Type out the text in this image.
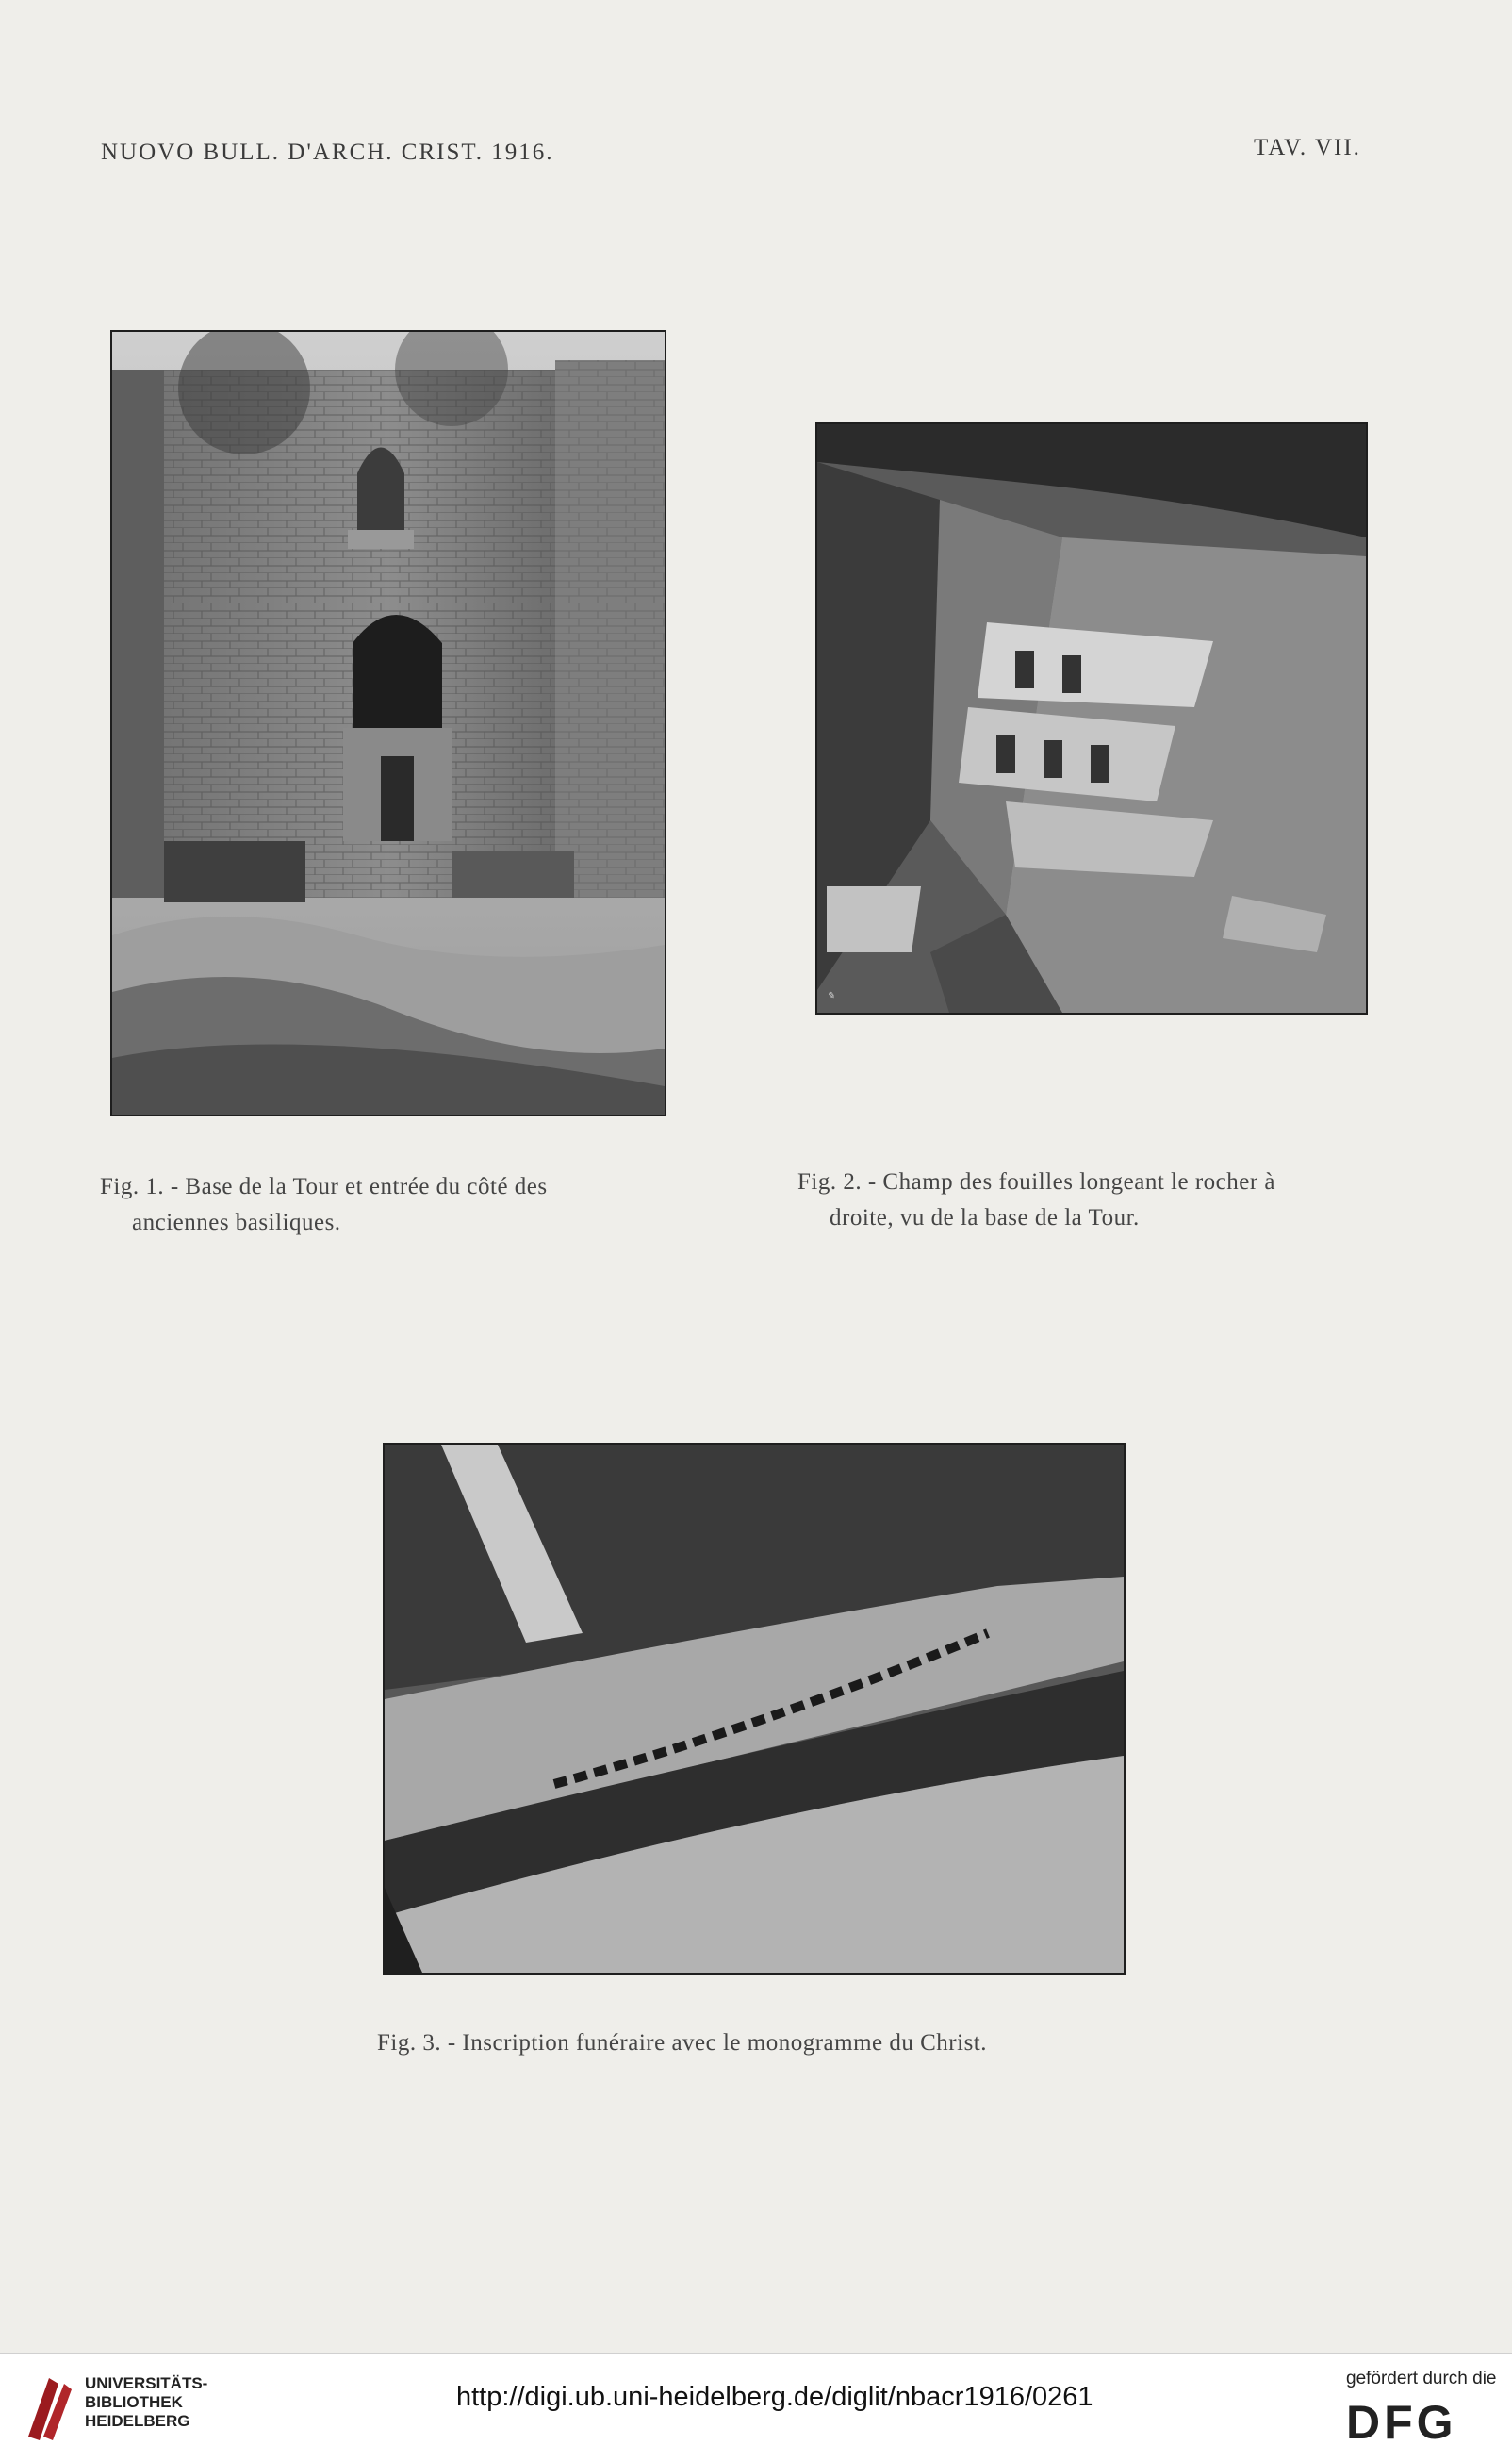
NUOVO BULL. D'ARCH. CRIST. 1916.	TAV. VII.
✎
Fig. 1. - Base de la Tour et entrée du côté des
anciennes basiliques.
Fig. 2. - Champ des fouilles longeant le rocher à
droite, vu de la base de la Tour.
Fig. 3. - Inscription funéraire avec le monogramme du Christ.
UNIVERSITÄTS-
BIBLIOTHEK
HEIDELBERG
http://digi.ub.uni-heidelberg.de/diglit/nbacr1916/0261
gefördert durch die
DFG
